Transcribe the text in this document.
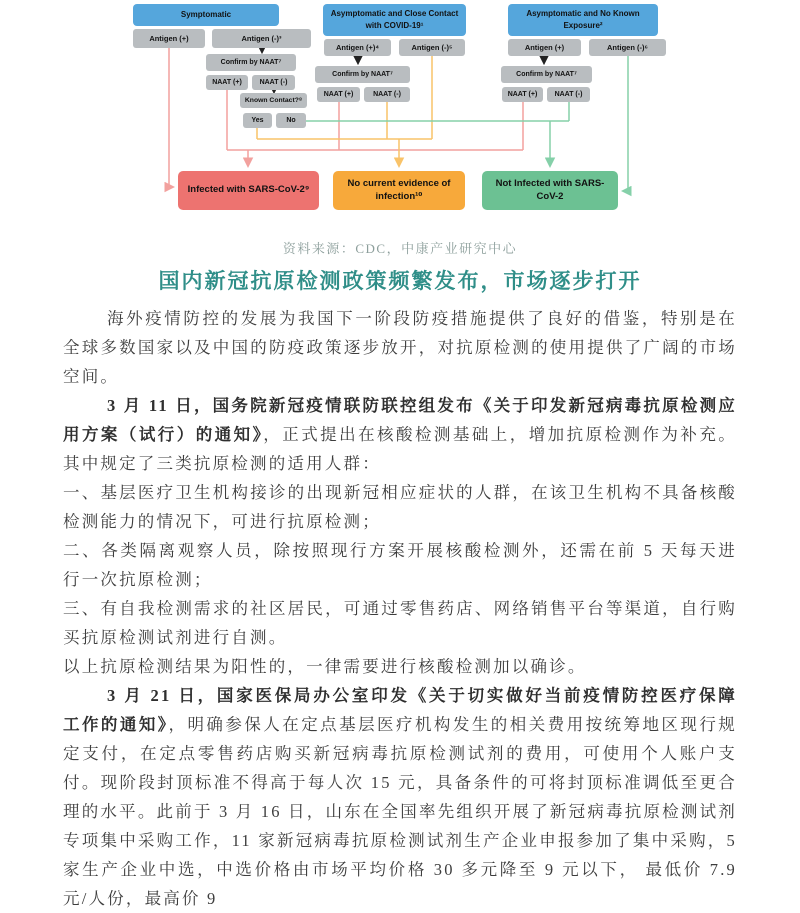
Symptomatic
Antigen (+)	Antigen (-)³
Confirm by NAAT⁷
NAAT (+)	NAAT (-)
Known Contact?⁸
Yes	No
Asymptomatic and Close Contact with COVID-19¹
Antigen (+)⁴	Antigen (-)⁵
Confirm by NAAT⁷
NAAT (+)	NAAT (-)
Asymptomatic and No Known Exposure²
Antigen (+)	Antigen (-)⁶
Confirm by NAAT⁷
NAAT (+)	NAAT (-)
Infected with SARS-CoV-2⁹
No current evidence of infection¹⁰
Not Infected with SARS-CoV-2
资料来源：CDC，中康产业研究中心
国内新冠抗原检测政策频繁发布，市场逐步打开

海外疫情防控的发展为我国下一阶段防疫措施提供了良好的借鉴，特别是在全球多数国家以及中国的防疫政策逐步放开，对抗原检测的使用提供了广阔的市场空间。

3 月 11 日，国务院新冠疫情联防联控组发布《关于印发新冠病毒抗原检测应用方案（试行）的通知》，正式提出在核酸检测基础上，增加抗原检测作为补充。其中规定了三类抗原检测的适用人群：

一、基层医疗卫生机构接诊的出现新冠相应症状的人群，在该卫生机构不具备核酸检测能力的情况下，可进行抗原检测；

二、各类隔离观察人员，除按照现行方案开展核酸检测外，还需在前 5 天每天进行一次抗原检测；

三、有自我检测需求的社区居民，可通过零售药店、网络销售平台等渠道，自行购买抗原检测试剂进行自测。

以上抗原检测结果为阳性的，一律需要进行核酸检测加以确诊。

3 月 21 日，国家医保局办公室印发《关于切实做好当前疫情防控医疗保障工作的通知》，明确参保人在定点基层医疗机构发生的相关费用按统筹地区现行规定支付，在定点零售药店购买新冠病毒抗原检测试剂的费用，可使用个人账户支付。现阶段封顶标准不得高于每人次 15 元，具备条件的可将封顶标准调低至更合理的水平。此前于 3 月 16 日，山东在全国率先组织开展了新冠病毒抗原检测试剂专项集中采购工作，11 家新冠病毒抗原检测试剂生产企业申报参加了集中采购，5 家生产企业中选，中选价格由市场平均价格 30 多元降至 9 元以下， 最低价 7.9 元/人份，最高价 9
